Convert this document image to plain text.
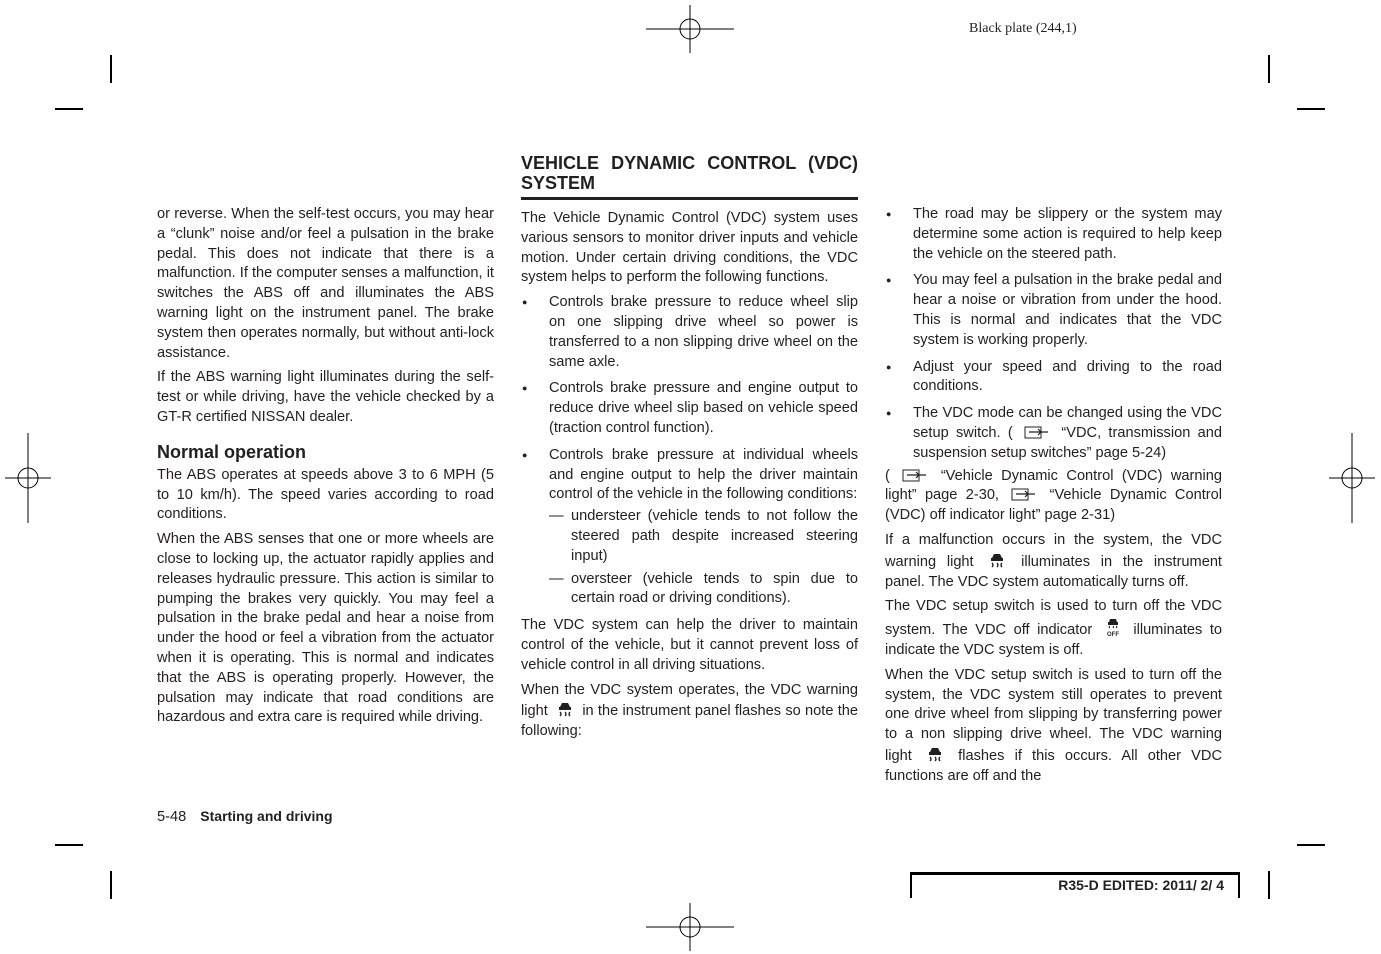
Black plate (244,1)

or reverse. When the self-test occurs, you may hear a “clunk” noise and/or feel a pulsation in the brake pedal. This does not indicate that there is a malfunction. If the computer senses a malfunction, it switches the ABS off and illuminates the ABS warning light on the instrument panel. The brake system then operates normally, but without anti-lock assistance.

If the ABS warning light illuminates during the self-test or while driving, have the vehicle checked by a GT-R certified NISSAN dealer.

Normal operation

The ABS operates at speeds above 3 to 6 MPH (5 to 10 km/h). The speed varies according to road conditions.

When the ABS senses that one or more wheels are close to locking up, the actuator rapidly applies and releases hydraulic pressure. This action is similar to pumping the brakes very quickly. You may feel a pulsation in the brake pedal and hear a noise from under the hood or feel a vibration from the actuator when it is operating. This is normal and indicates that the ABS is operating properly. However, the pulsation may indicate that road conditions are hazardous and extra care is required while driving.

VEHICLE DYNAMIC CONTROL (VDC) SYSTEM

The Vehicle Dynamic Control (VDC) system uses various sensors to monitor driver inputs and vehicle motion. Under certain driving conditions, the VDC system helps to perform the following functions.

● Controls brake pressure to reduce wheel slip on one slipping drive wheel so power is transferred to a non slipping drive wheel on the same axle.
● Controls brake pressure and engine output to reduce drive wheel slip based on vehicle speed (traction control function).
● Controls brake pressure at individual wheels and engine output to help the driver maintain control of the vehicle in the following conditions:
— understeer (vehicle tends to not follow the steered path despite increased steering input)
— oversteer (vehicle tends to spin due to certain road or driving conditions).

The VDC system can help the driver to maintain control of the vehicle, but it cannot prevent loss of vehicle control in all driving situations.

When the VDC system operates, the VDC warning light in the instrument panel flashes so note the following:

● The road may be slippery or the system may determine some action is required to help keep the vehicle on the steered path.
● You may feel a pulsation in the brake pedal and hear a noise or vibration from under the hood. This is normal and indicates that the VDC system is working properly.
● Adjust your speed and driving to the road conditions.
● The VDC mode can be changed using the VDC setup switch. (	“VDC, transmission and suspension setup switches” page 5-24)

(	“Vehicle Dynamic Control (VDC) warning light” page 2-30,	“Vehicle Dynamic Control (VDC) off indicator light” page 2-31)

If a malfunction occurs in the system, the VDC warning light	illuminates in the instrument panel. The VDC system automatically turns off.

The VDC setup switch is used to turn off the VDC system. The VDC off indicator OFF illuminates to indicate the VDC system is off.

When the VDC setup switch is used to turn off the system, the VDC system still operates to prevent one drive wheel from slipping by transferring power to a non slipping drive wheel. The VDC warning light	flashes if this occurs. All other VDC functions are off and the

5-48 Starting and driving
R35-D EDITED: 2011/ 2/ 4
